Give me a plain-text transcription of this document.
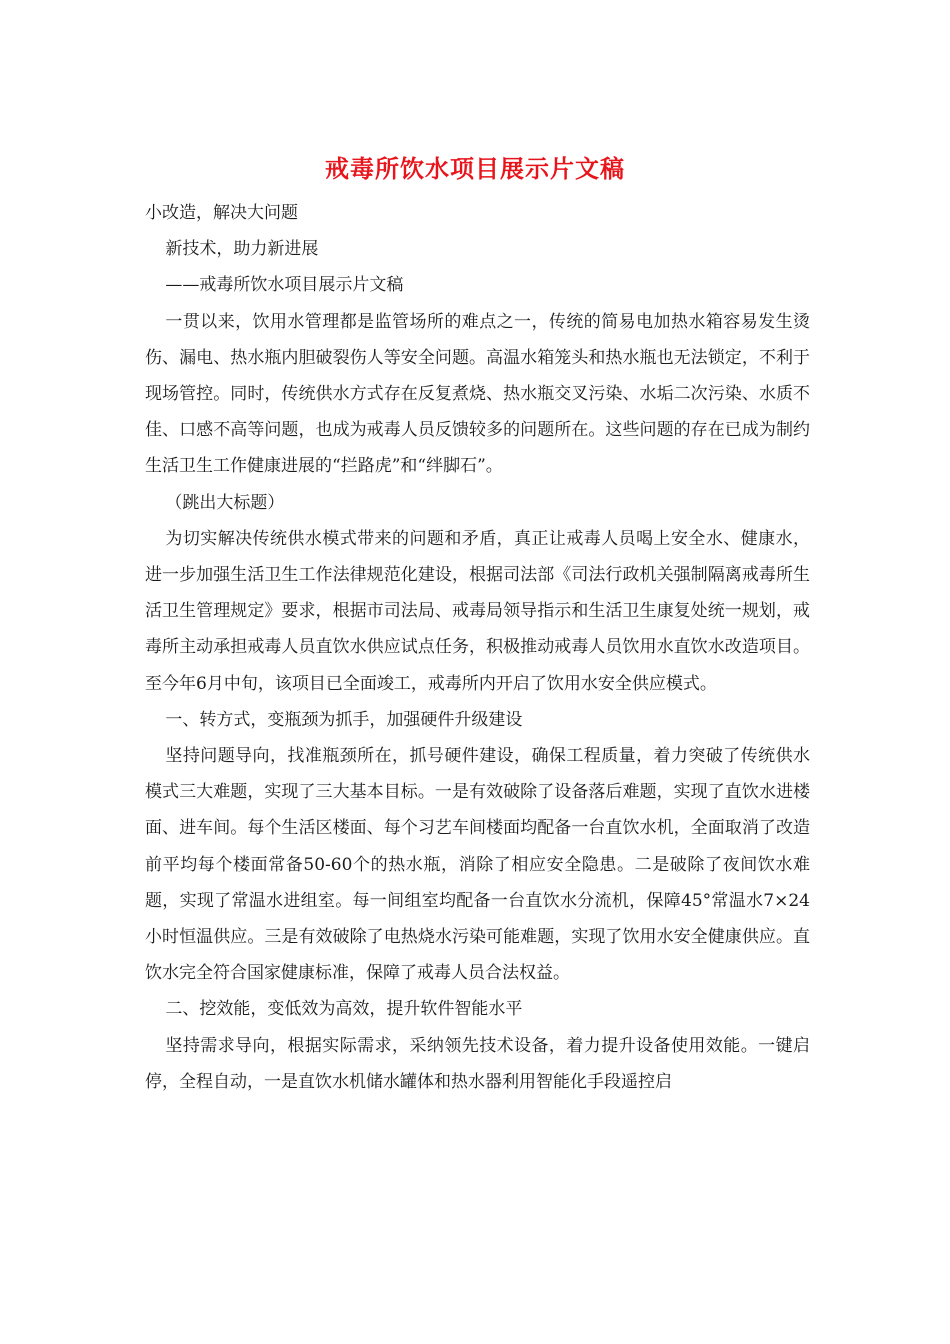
戒毒所饮水项目展示片文稿

小改造，解决大问题

新技术，助力新进展

——戒毒所饮水项目展示片文稿

一贯以来，饮用水管理都是监管场所的难点之一，传统的简易电加热水箱容易发生烫伤、漏电、热水瓶内胆破裂伤人等安全问题。高温水箱笼头和热水瓶也无法锁定，不利于现场管控。同时，传统供水方式存在反复煮烧、热水瓶交叉污染、水垢二次污染、水质不佳、口感不高等问题，也成为戒毒人员反馈较多的问题所在。这些问题的存在已成为制约生活卫生工作健康进展的“拦路虎”和“绊脚石”。

（跳出大标题）

为切实解决传统供水模式带来的问题和矛盾，真正让戒毒人员喝上安全水、健康水，进一步加强生活卫生工作法律规范化建设，根据司法部《司法行政机关强制隔离戒毒所生活卫生管理规定》要求，根据市司法局、戒毒局领导指示和生活卫生康复处统一规划，戒毒所主动承担戒毒人员直饮水供应试点任务，积极推动戒毒人员饮用水直饮水改造项目。至今年6月中旬，该项目已全面竣工，戒毒所内开启了饮用水安全供应模式。

一、转方式，变瓶颈为抓手，加强硬件升级建设

坚持问题导向，找准瓶颈所在，抓号硬件建设，确保工程质量，着力突破了传统供水模式三大难题，实现了三大基本目标。一是有效破除了设备落后难题，实现了直饮水进楼面、进车间。每个生活区楼面、每个习艺车间楼面均配备一台直饮水机，全面取消了改造前平均每个楼面常备50-60个的热水瓶，消除了相应安全隐患。二是破除了夜间饮水难题，实现了常温水进组室。每一间组室均配备一台直饮水分流机，保障45°常温水7×24小时恒温供应。三是有效破除了电热烧水污染可能难题，实现了饮用水安全健康供应。直饮水完全符合国家健康标准，保障了戒毒人员合法权益。

二、挖效能，变低效为高效，提升软件智能水平

坚持需求导向，根据实际需求，采纳领先技术设备，着力提升设备使用效能。一键启停，全程自动，一是直饮水机储水罐体和热水器利用智能化手段遥控启
